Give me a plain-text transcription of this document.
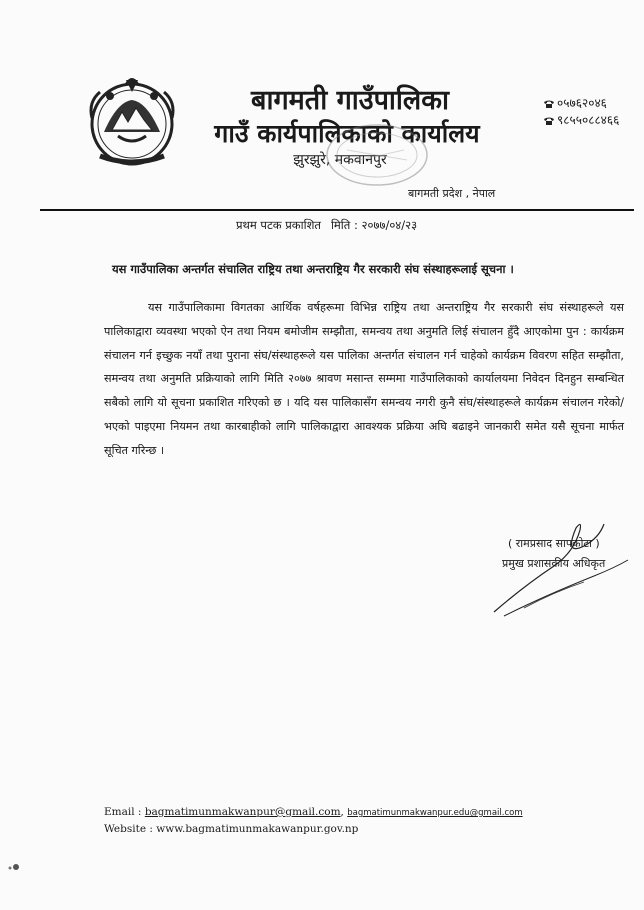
बागमती गाउँपालिका
गाउँ कार्यपालिकाको कार्यालय
झुरझुरे, मकवानपुर
बागमती प्रदेश , नेपाल
०५७६२०४६
९८५५०८८४६६
प्रथम पटक प्रकाशित मिति : २०७७/०४/२३
यस गाउँपालिका अन्तर्गत संचालित राष्ट्रिय तथा अन्तराष्ट्रिय गैर सरकारी संघ संस्थाहरूलाई सूचना ।
यस गाउँपालिकामा विगतका आर्थिक वर्षहरूमा विभिन्न राष्ट्रिय तथा अन्तराष्ट्रिय गैर सरकारी संघ संस्थाहरूले यस पालिकाद्वारा व्यवस्था भएको ऐन तथा नियम बमोजीम सम्झौता, समन्वय तथा अनुमति लिई संचालन हुँदै आएकोमा पुन : कार्यक्रम संचालन गर्न इच्छुक नयाँ तथा पुराना संघ/संस्थाहरूले यस पालिका अन्तर्गत संचालन गर्न चाहेको कार्यक्रम विवरण सहित सम्झौता, समन्वय तथा अनुमति प्रक्रियाको लागि मिति २०७७ श्रावण मसान्त सम्ममा गाउँपालिकाको कार्यालयमा निवेदन दिनहुन सम्बन्धित सबैको लागि यो सूचना प्रकाशित गरिएको छ । यदि यस पालिकासँग समन्वय नगरी कुनै संघ/संस्थाहरूले कार्यक्रम संचालन गरेको/भएको पाइएमा नियमन तथा कारबाहीको लागि पालिकाद्वारा आवश्यक प्रक्रिया अघि बढाइने जानकारी समेत यसै सूचना मार्फत सूचित गरिन्छ ।
( रामप्रसाद सापकोटा )
प्रमुख प्रशासकीय अधिकृत
Email : bagmatimunmakwanpur@gmail.com, bagmatimunmakwanpur.edu@gmail.com
Website : www.bagmatimunmakawanpur.gov.np
